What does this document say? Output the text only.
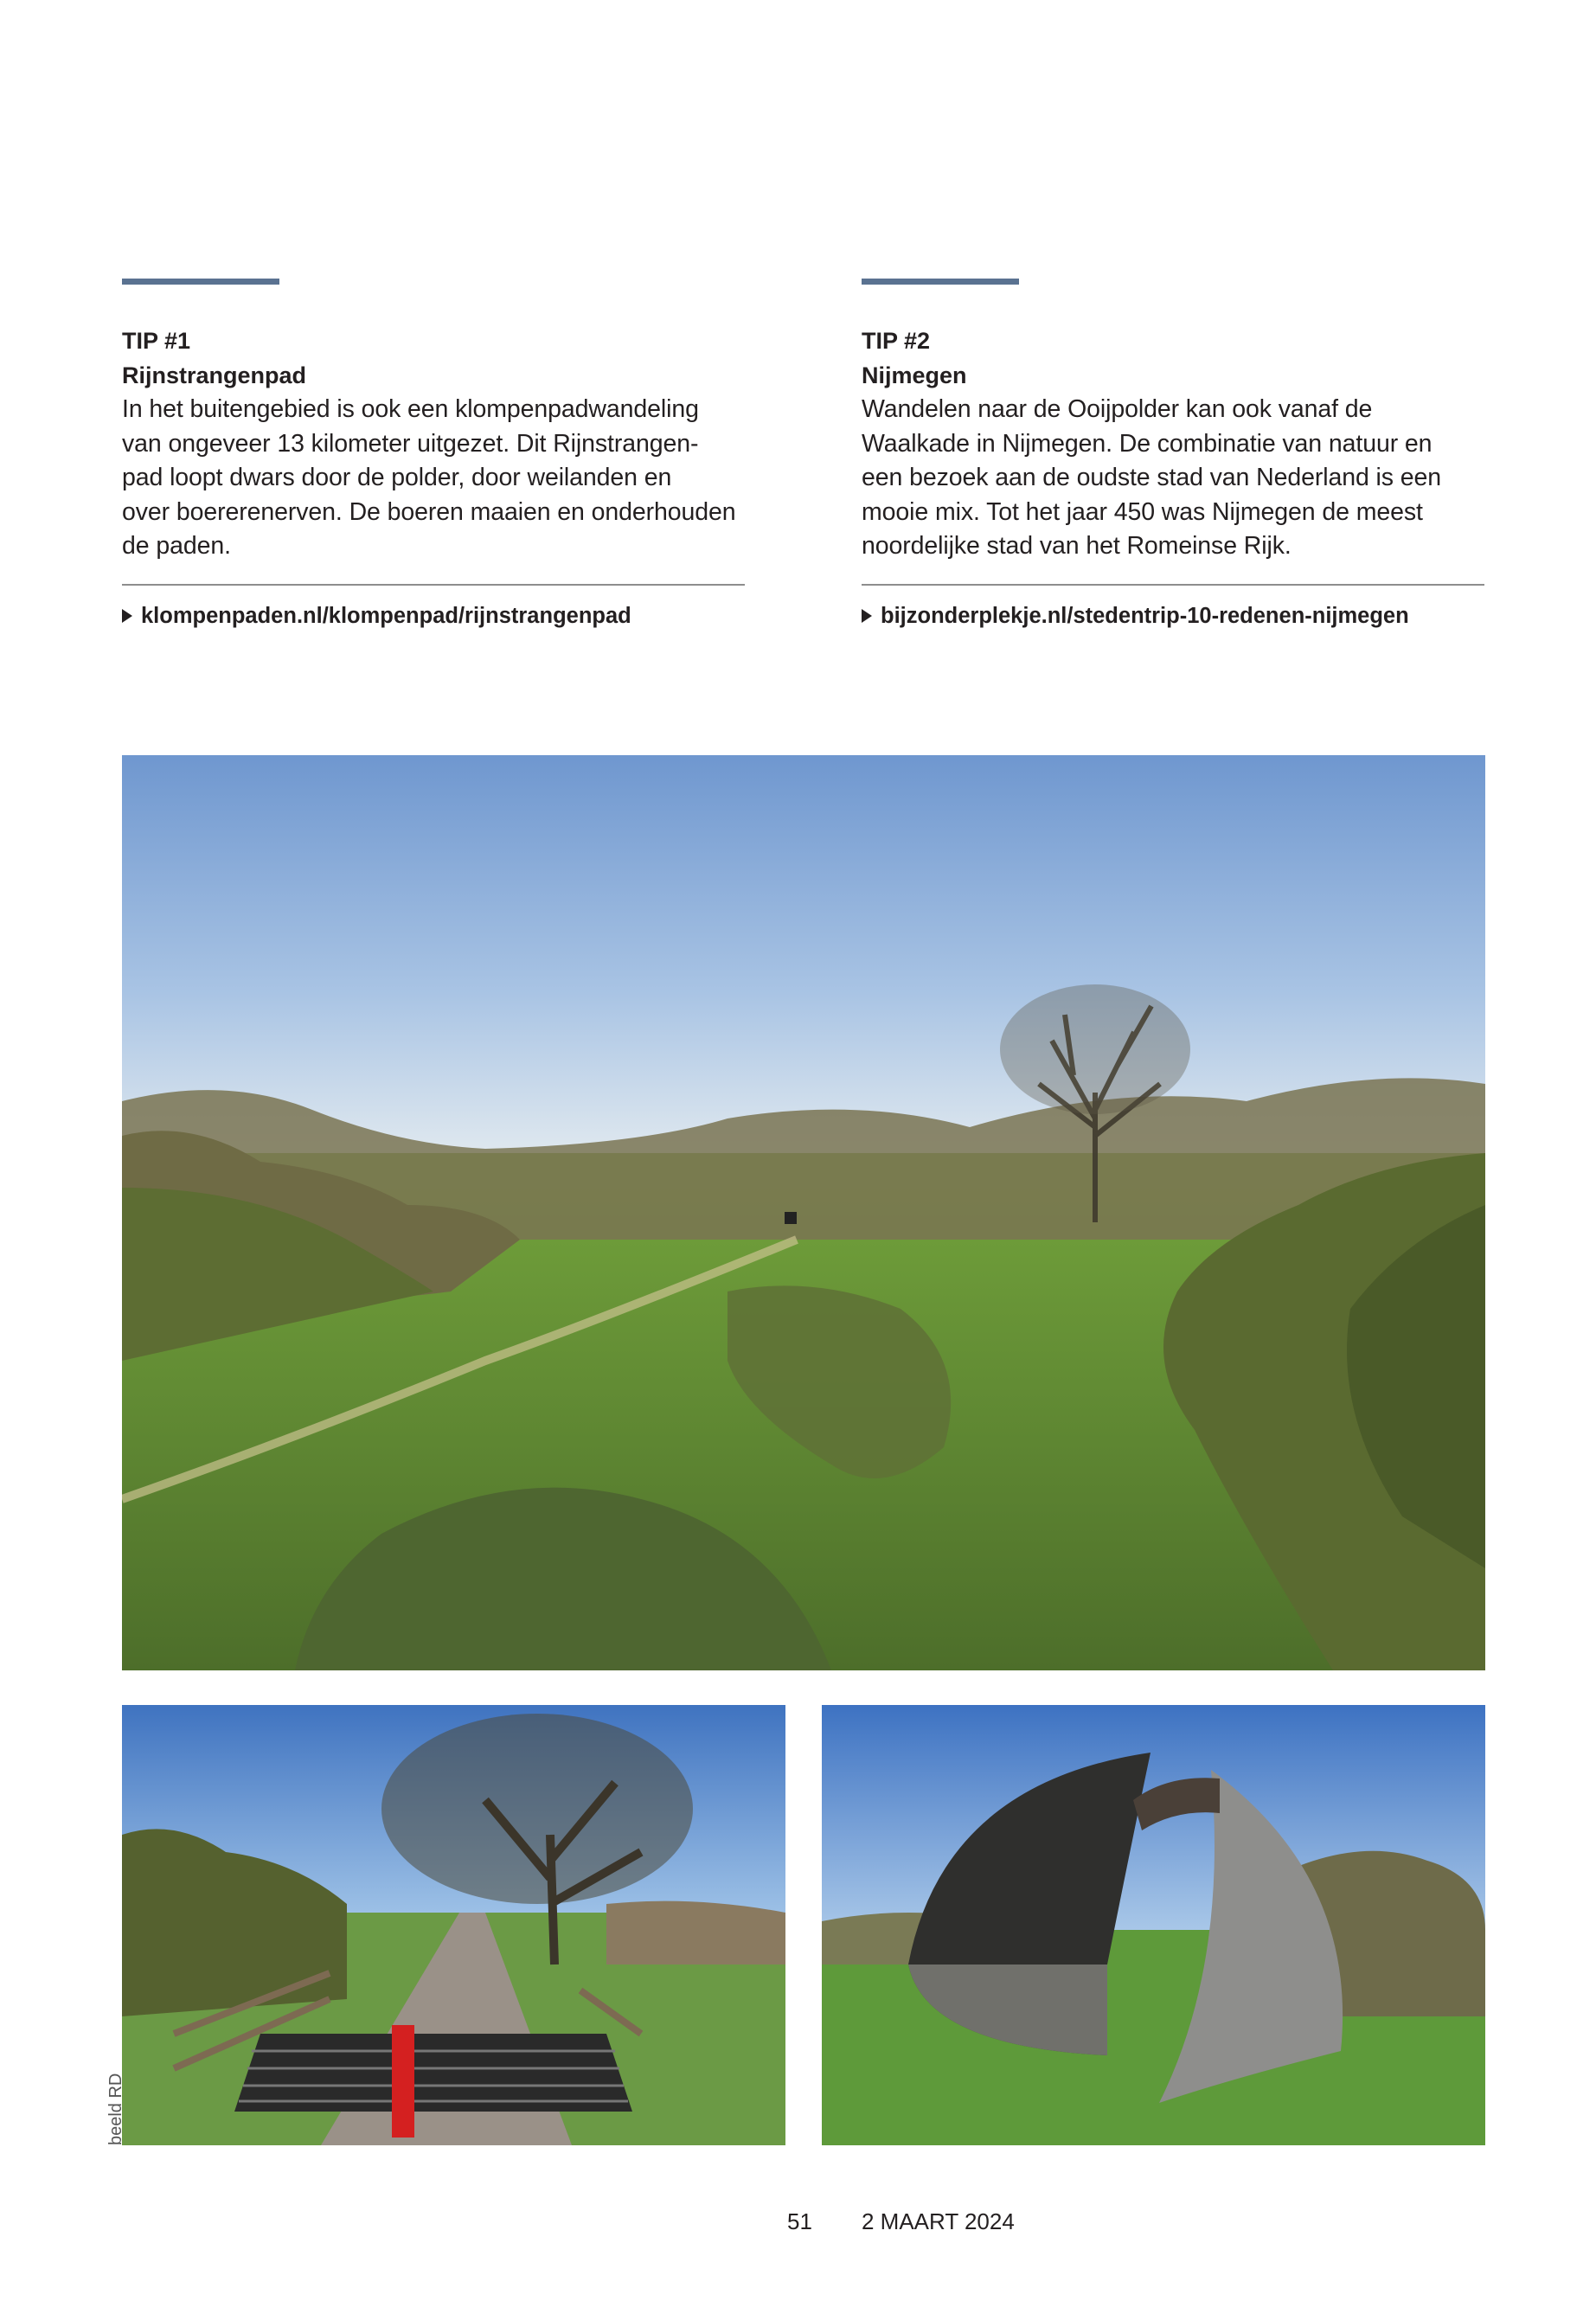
TIP #1
Rijnstrangenpad
In het buitengebied is ook een klompenpadwandeling
van ongeveer 13 kilometer uitgezet. Dit Rijnstrangen-
pad loopt dwars door de polder, door weilanden en
over boererenerven. De boeren maaien en onderhouden
de paden.
klompenpaden.nl/klompenpad/rijnstrangenpad
TIP #2
Nijmegen
Wandelen naar de Ooijpolder kan ook vanaf de
Waalkade in Nijmegen. De combinatie van natuur en
een bezoek aan de oudste stad van Nederland is een
mooie mix. Tot het jaar 450 was Nijmegen de meest
noordelijke stad van het Romeinse Rijk.
bijzonderplekje.nl/stedentrip-10-redenen-nijmegen
beeld RD
51 2 MAART 2024
